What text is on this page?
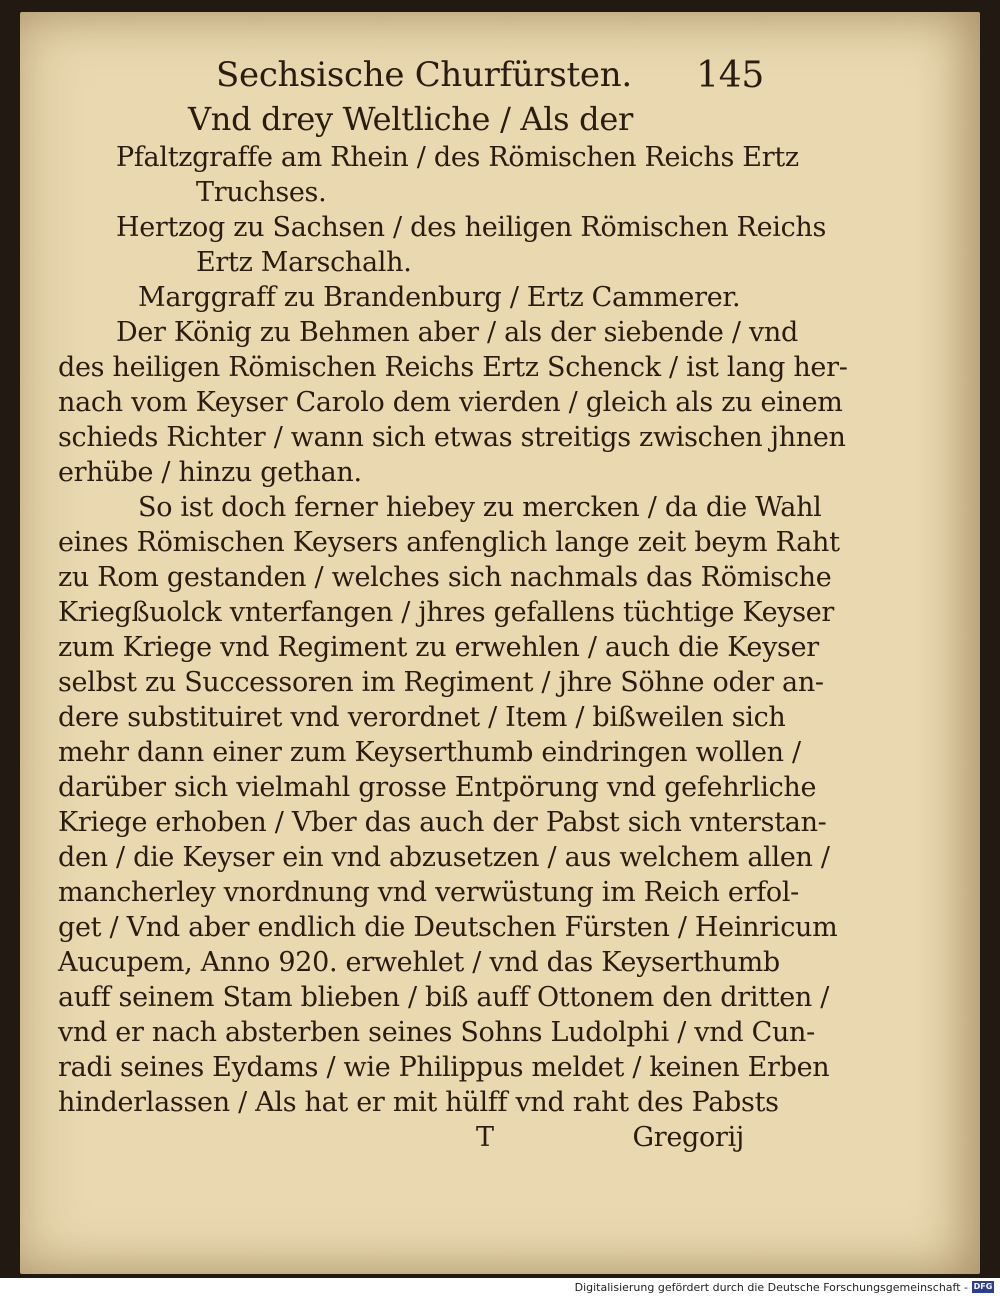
Sechsische Churfürsten. 145
Vnd drey Weltliche / Als der
Pfaltzgraffe am Rhein / des Römischen Reichs Ertz
Truchses.
Hertzog zu Sachsen / des heiligen Römischen Reichs
Ertz Marschalh.
Marggraff zu Brandenburg / Ertz Cammerer.
Der König zu Behmen aber / als der siebende / vnd
des heiligen Römischen Reichs Ertz Schenck / ist lang her-
nach vom Keyser Carolo dem vierden / gleich als zu einem
schieds Richter / wann sich etwas streitigs zwischen jhnen
erhübe / hinzu gethan.
So ist doch ferner hiebey zu mercken / da die Wahl
eines Römischen Keysers anfenglich lange zeit beym Raht
zu Rom gestanden / welches sich nachmals das Römische
Kriegßuolck vnterfangen / jhres gefallens tüchtige Keyser
zum Kriege vnd Regiment zu erwehlen / auch die Keyser
selbst zu Successoren im Regiment / jhre Söhne oder an-
dere substituiret vnd verordnet / Item / bißweilen sich
mehr dann einer zum Keyserthumb eindringen wollen /
darüber sich vielmahl grosse Entpörung vnd gefehrliche
Kriege erhoben / Vber das auch der Pabst sich vnterstan-
den / die Keyser ein vnd abzusetzen / aus welchem allen /
mancherley vnordnung vnd verwüstung im Reich erfol-
get / Vnd aber endlich die Deutschen Fürsten / Heinricum
Aucupem, Anno 920. erwehlet / vnd das Keyserthumb
auff seinem Stam blieben / biß auff Ottonem den dritten /
vnd er nach absterben seines Sohns Ludolphi / vnd Cun-
radi seines Eydams / wie Philippus meldet / keinen Erben
hinderlassen / Als hat er mit hülff vnd raht des Pabsts
T	Gregorij
Digitalisierung gefördert durch die Deutsche Forschungsgemeinschaft - DFG
